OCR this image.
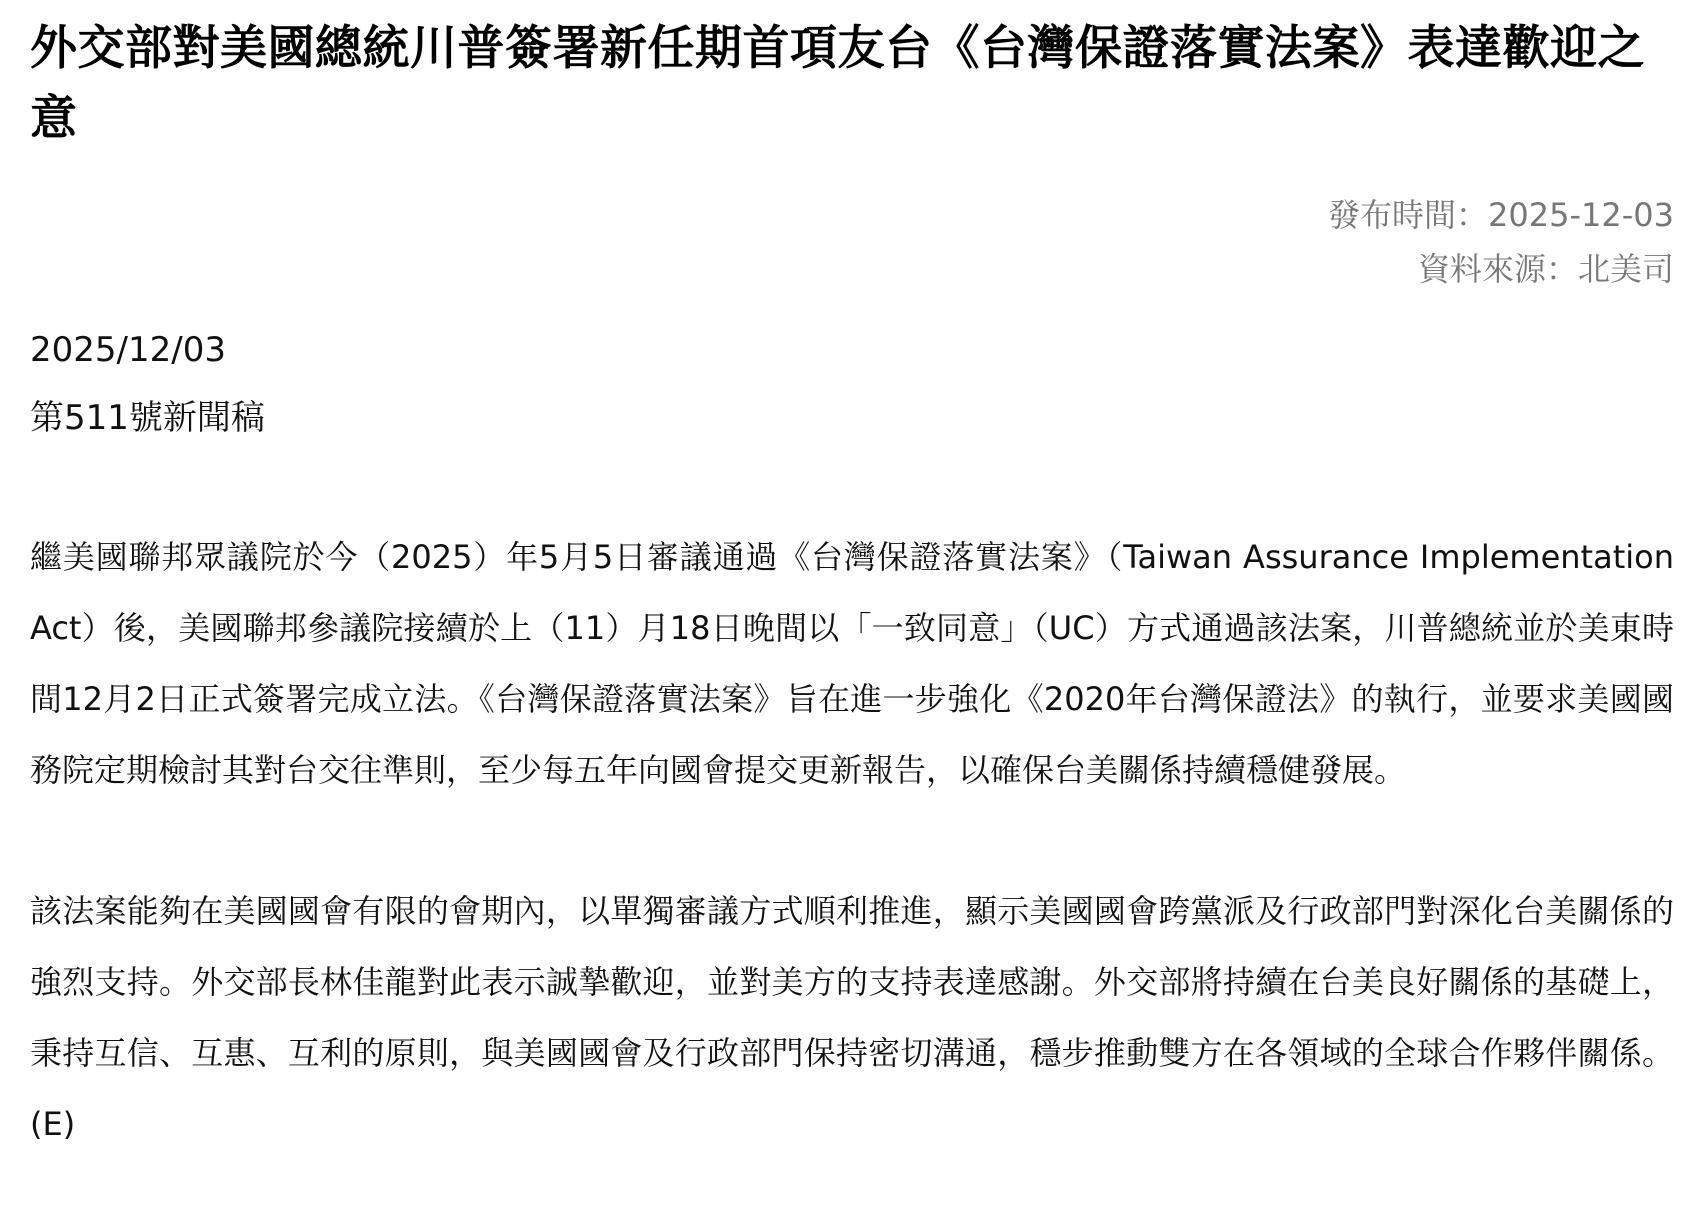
外交部對美國總統川普簽署新任期首項友台《台灣保證落實法案》表達歡迎之意
發布時間：2025-12-03
資料來源：北美司
2025/12/03
第511號新聞稿

繼美國聯邦眾議院於今（2025）年5月5日審議通過《台灣保證落實法案》（Taiwan Assurance Implementation Act）後，美國聯邦參議院接續於上（11）月18日晚間以「一致同意」（UC）方式通過該法案，川普總統並於美東時間12月2日正式簽署完成立法。《台灣保證落實法案》旨在進一步強化《2020年台灣保證法》的執行，並要求美國國務院定期檢討其對台交往準則，至少每五年向國會提交更新報告，以確保台美關係持續穩健發展。

該法案能夠在美國國會有限的會期內，以單獨審議方式順利推進，顯示美國國會跨黨派及行政部門對深化台美關係的強烈支持。外交部長林佳龍對此表示誠摯歡迎，並對美方的支持表達感謝。外交部將持續在台美良好關係的基礎上，秉持互信、互惠、互利的原則，與美國國會及行政部門保持密切溝通，穩步推動雙方在各領域的全球合作夥伴關係。(E)
